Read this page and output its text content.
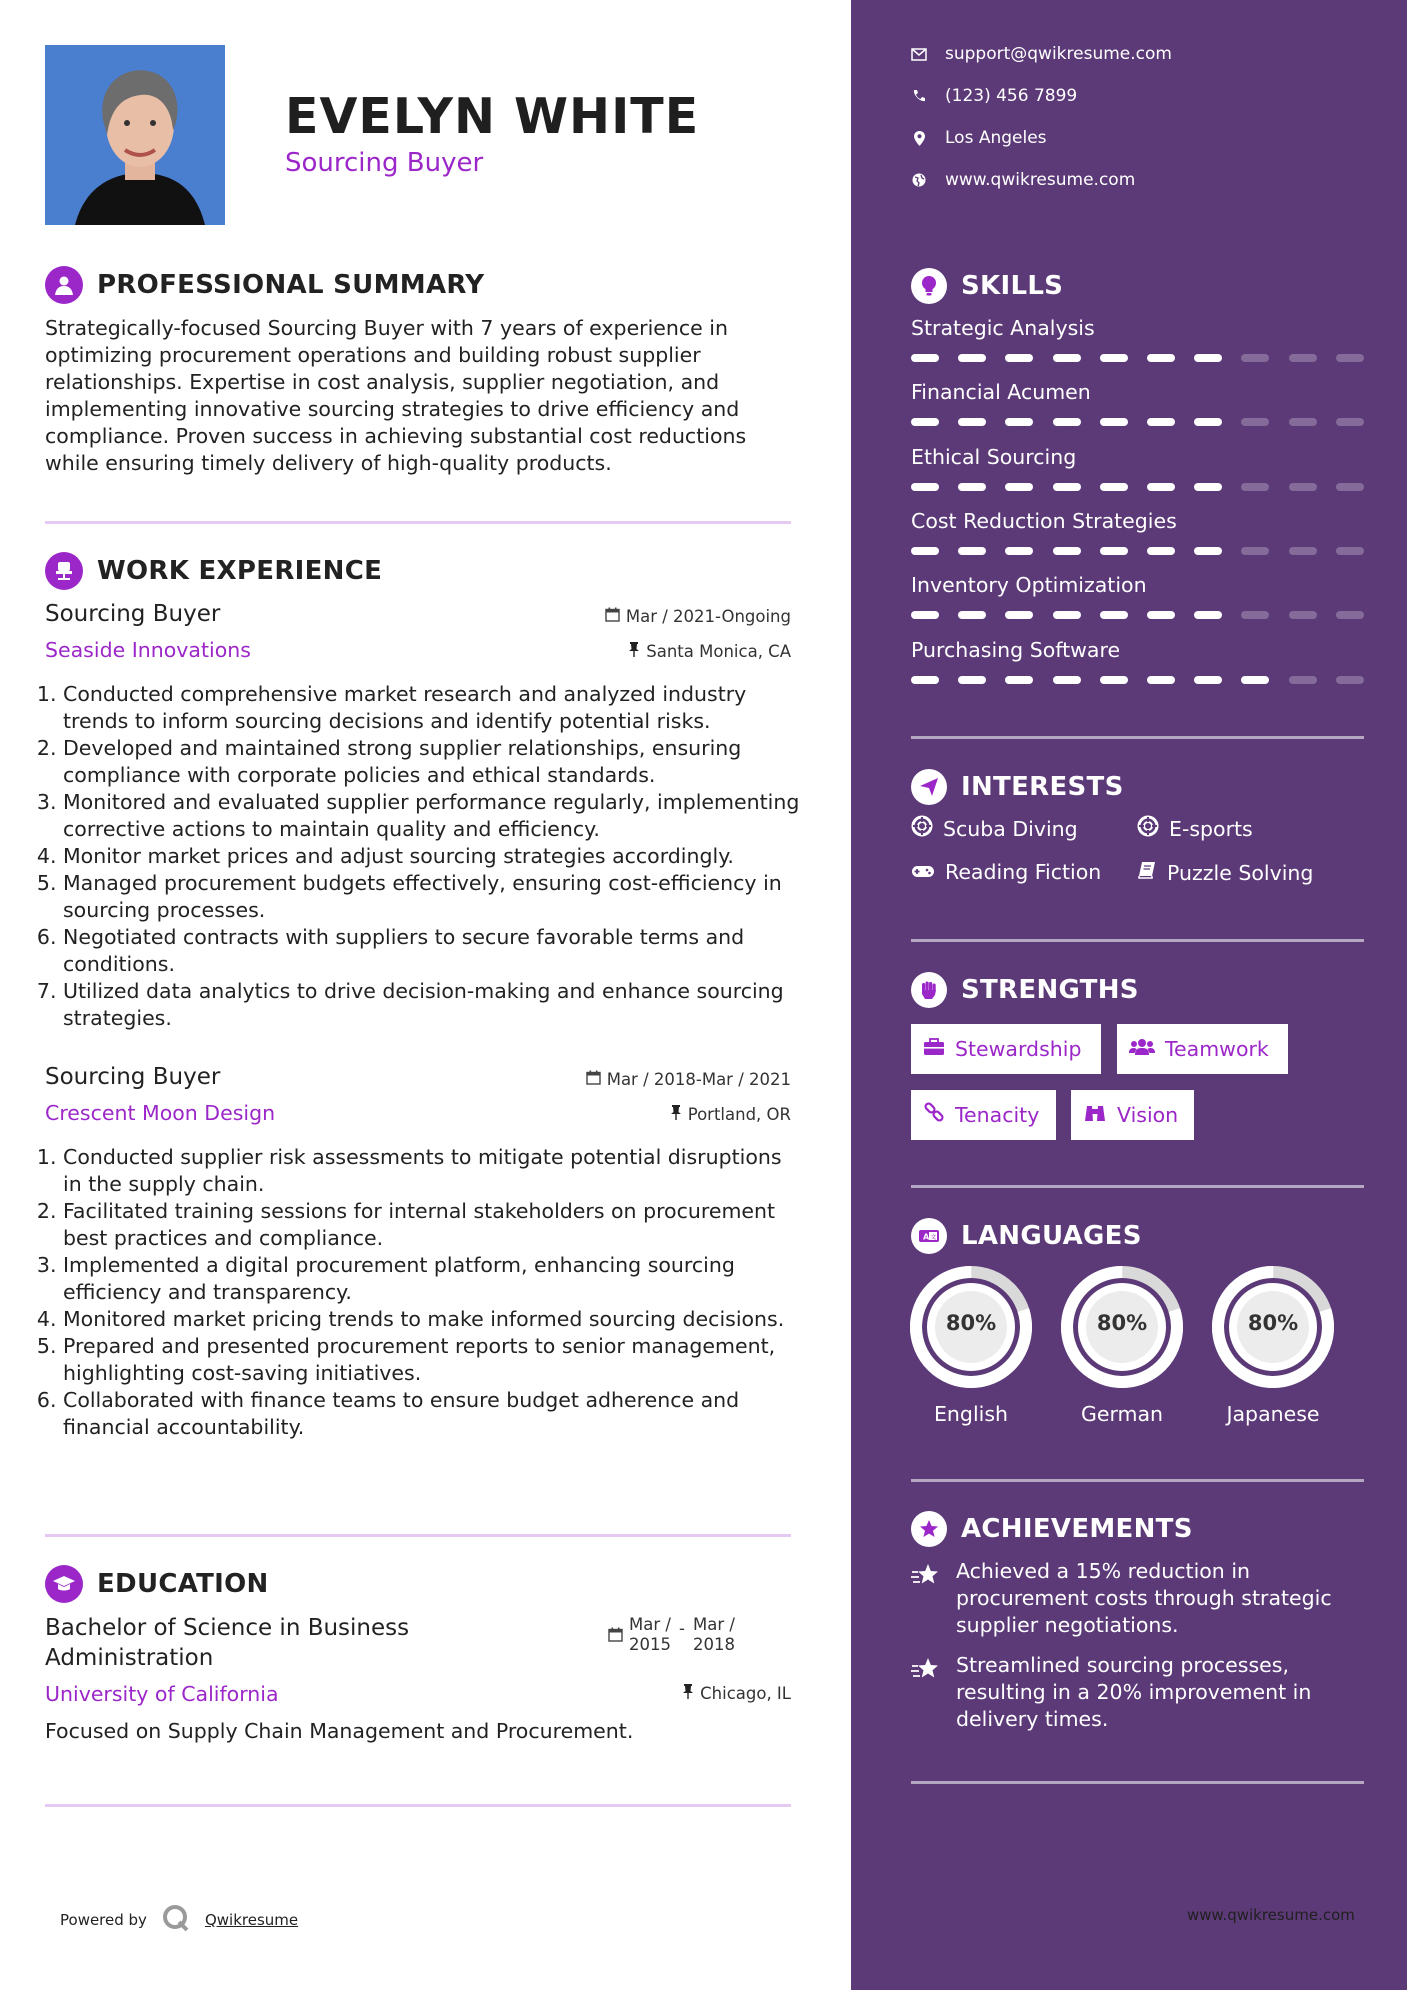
EVELYN WHITE
Sourcing Buyer
PROFESSIONAL SUMMARY
Strategically-focused Sourcing Buyer with 7 years of experience in optimizing procurement operations and building robust supplier relationships. Expertise in cost analysis, supplier negotiation, and implementing innovative sourcing strategies to drive efficiency and compliance. Proven success in achieving substantial cost reductions while ensuring timely delivery of high-quality products.
WORK EXPERIENCE
Sourcing Buyer	Mar / 2021-Ongoing
Seaside Innovations	Santa Monica, CA
1. Conducted comprehensive market research and analyzed industry trends to inform sourcing decisions and identify potential risks.
2. Developed and maintained strong supplier relationships, ensuring compliance with corporate policies and ethical standards.
3. Monitored and evaluated supplier performance regularly, implementing corrective actions to maintain quality and efficiency.
4. Monitor market prices and adjust sourcing strategies accordingly.
5. Managed procurement budgets effectively, ensuring cost-efficiency in sourcing processes.
6. Negotiated contracts with suppliers to secure favorable terms and conditions.
7. Utilized data analytics to drive decision-making and enhance sourcing strategies.
Sourcing Buyer	Mar / 2018-Mar / 2021
Crescent Moon Design	Portland, OR
1. Conducted supplier risk assessments to mitigate potential disruptions in the supply chain.
2. Facilitated training sessions for internal stakeholders on procurement best practices and compliance.
3. Implemented a digital procurement platform, enhancing sourcing efficiency and transparency.
4. Monitored market pricing trends to make informed sourcing decisions.
5. Prepared and presented procurement reports to senior management, highlighting cost-saving initiatives.
6. Collaborated with finance teams to ensure budget adherence and financial accountability.
EDUCATION
Bachelor of Science in Business
Administration
Mar /
2015
- Mar /
2018
University of California	Chicago, IL
Focused on Supply Chain Management and Procurement.
Powered by	Qwikresume
support@qwikresume.com
(123) 456 7899
Los Angeles
www.qwikresume.com
SKILLS
Strategic Analysis
Financial Acumen
Ethical Sourcing
Cost Reduction Strategies
Inventory Optimization
Purchasing Software
INTERESTS
Scuba Diving	E-sports
Reading Fiction	Puzzle Solving
STRENGTHS
Stewardship	Teamwork
Tenacity	Vision
A 文 LANGUAGES
80%
English
80%
German
80%
Japanese
ACHIEVEMENTS
Achieved a 15% reduction in procurement costs through strategic supplier negotiations.
Streamlined sourcing processes, resulting in a 20% improvement in delivery times.
www.qwikresume.com
